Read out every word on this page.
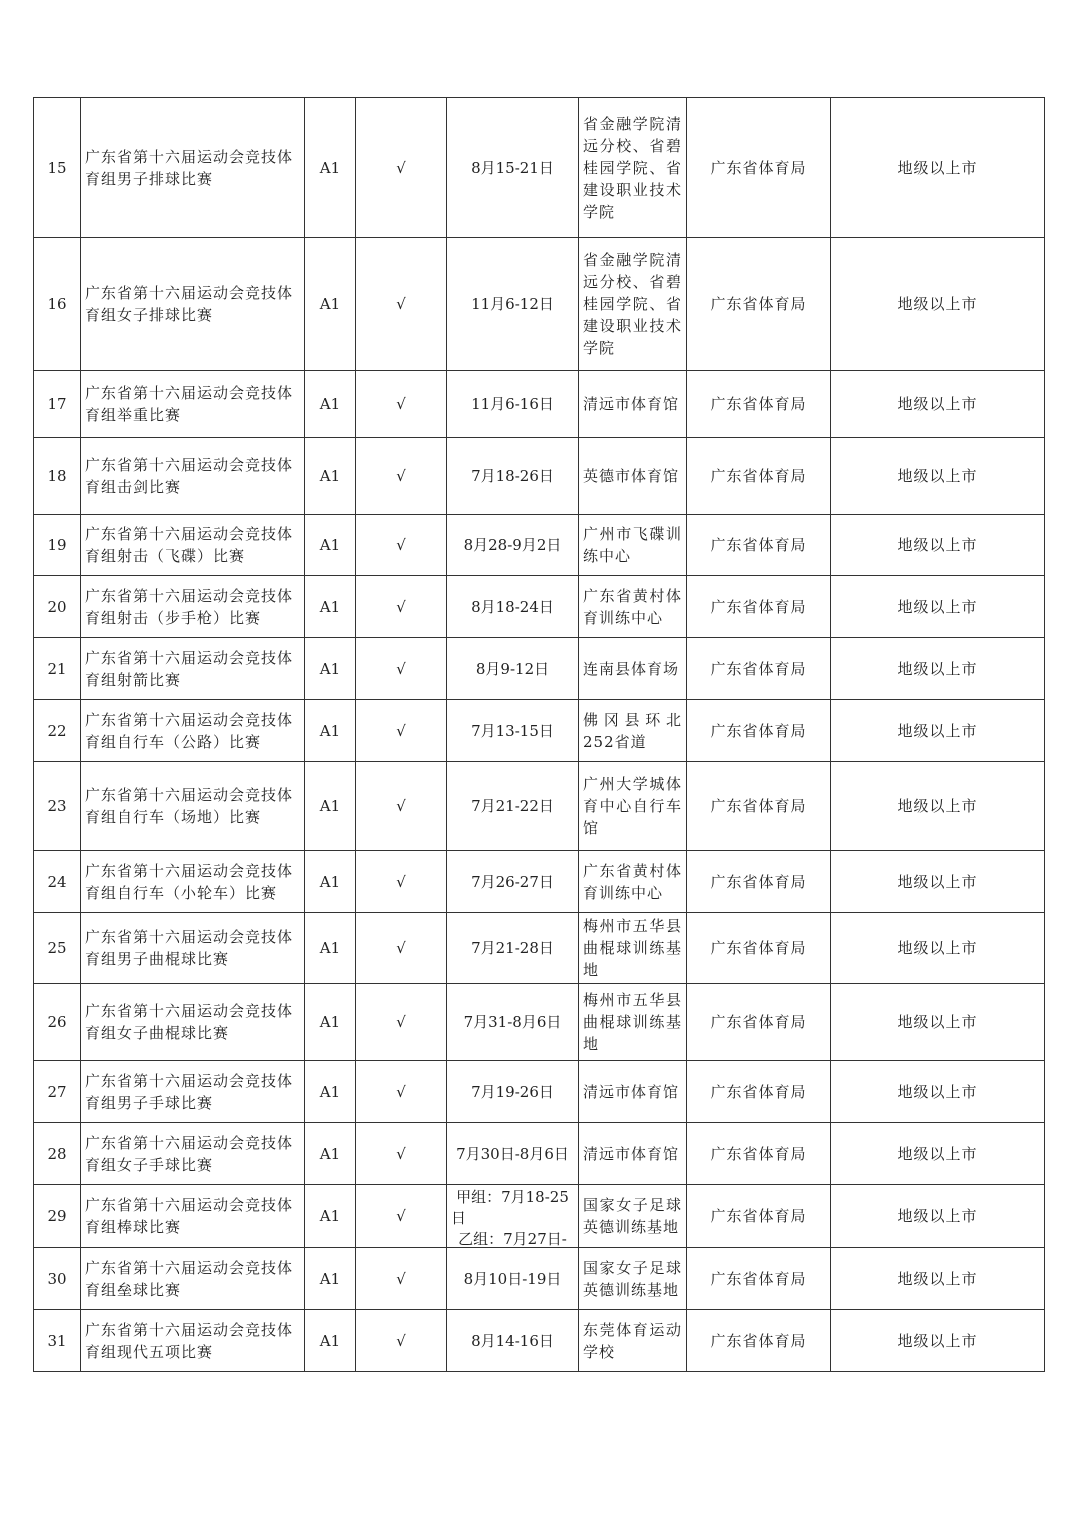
15	广东省第十六届运动会竞技体育组男子排球比赛	A1	√	8月15-21日	省金融学院清远分校、省碧桂园学院、省建设职业技术学院	广东省体育局	地级以上市
16	广东省第十六届运动会竞技体育组女子排球比赛	A1	√	11月6-12日	省金融学院清远分校、省碧桂园学院、省建设职业技术学院	广东省体育局	地级以上市
17	广东省第十六届运动会竞技体育组举重比赛	A1	√	11月6-16日	清远市体育馆	广东省体育局	地级以上市
18	广东省第十六届运动会竞技体育组击剑比赛	A1	√	7月18-26日	英德市体育馆	广东省体育局	地级以上市
19	广东省第十六届运动会竞技体育组射击（飞碟）比赛	A1	√	8月28-9月2日	广州市飞碟训练中心	广东省体育局	地级以上市
20	广东省第十六届运动会竞技体育组射击（步手枪）比赛	A1	√	8月18-24日	广东省黄村体育训练中心	广东省体育局	地级以上市
21	广东省第十六届运动会竞技体育组射箭比赛	A1	√	8月9-12日	连南县体育场	广东省体育局	地级以上市
22	广东省第十六届运动会竞技体育组自行车（公路）比赛	A1	√	7月13-15日	佛冈县环北252省道	广东省体育局	地级以上市
23	广东省第十六届运动会竞技体育组自行车（场地）比赛	A1	√	7月21-22日	广州大学城体育中心自行车馆	广东省体育局	地级以上市
24	广东省第十六届运动会竞技体育组自行车（小轮车）比赛	A1	√	7月26-27日	广东省黄村体育训练中心	广东省体育局	地级以上市
25	广东省第十六届运动会竞技体育组男子曲棍球比赛	A1	√	7月21-28日	梅州市五华县曲棍球训练基地	广东省体育局	地级以上市
26	广东省第十六届运动会竞技体育组女子曲棍球比赛	A1	√	7月31-8月6日	梅州市五华县曲棍球训练基地	广东省体育局	地级以上市
27	广东省第十六届运动会竞技体育组男子手球比赛	A1	√	7月19-26日	清远市体育馆	广东省体育局	地级以上市
28	广东省第十六届运动会竞技体育组女子手球比赛	A1	√	7月30日-8月6日	清远市体育馆	广东省体育局	地级以上市
29	广东省第十六届运动会竞技体育组棒球比赛	A1	√	甲组：7月18-25
日
乙组：7月27日-	国家女子足球英德训练基地	广东省体育局	地级以上市
30	广东省第十六届运动会竞技体育组垒球比赛	A1	√	8月10日-19日	国家女子足球英德训练基地	广东省体育局	地级以上市
31	广东省第十六届运动会竞技体育组现代五项比赛	A1	√	8月14-16日	东莞体育运动学校	广东省体育局	地级以上市
